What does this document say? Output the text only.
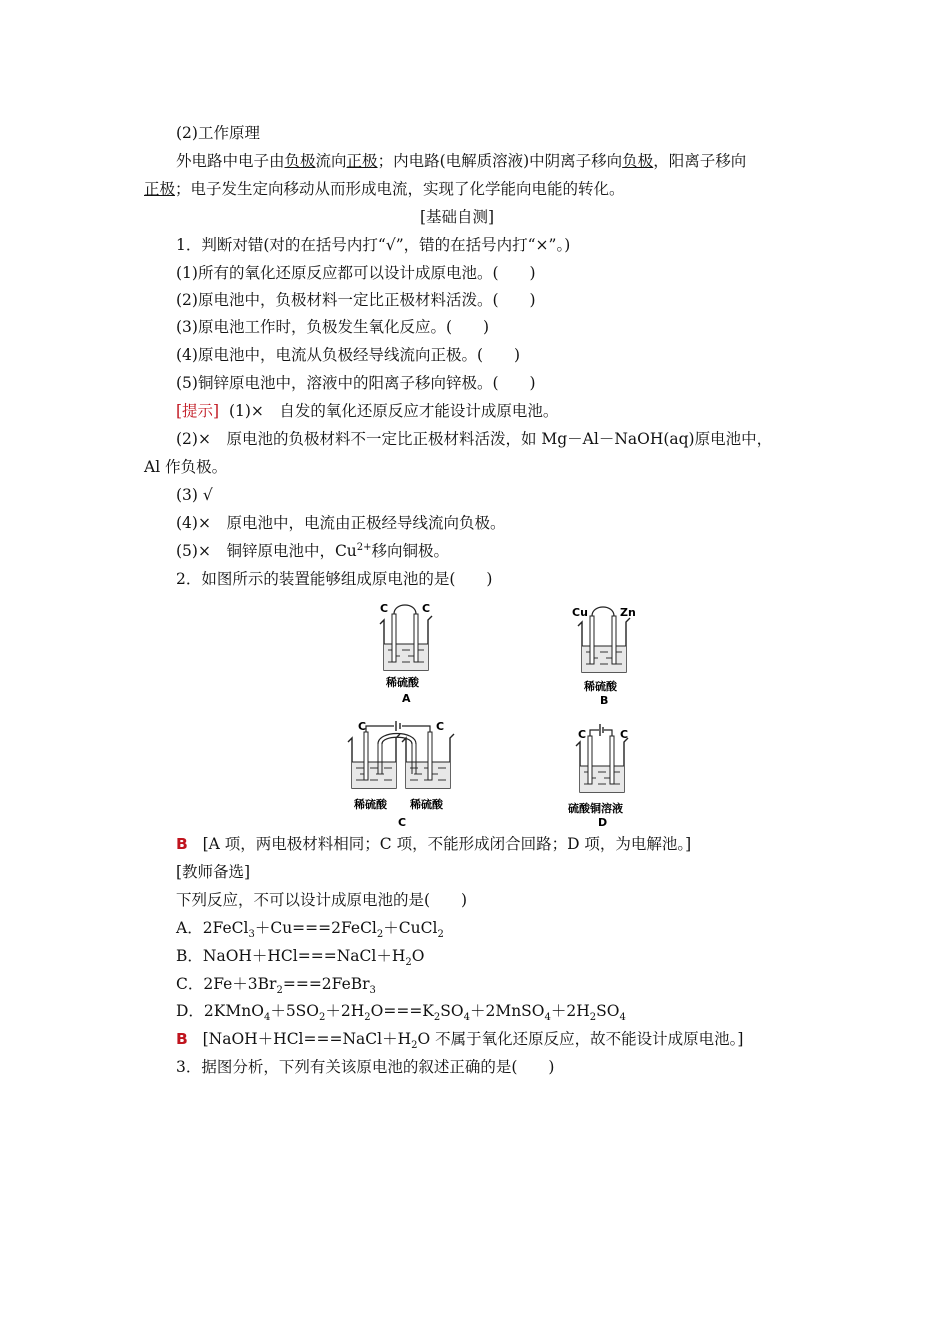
(2)工作原理
外电路中电子由负极流向正极；内电路(电解质溶液)中阴离子移向负极，阳离子移向
正极；电子发生定向移动从而形成电流，实现了化学能向电能的转化。
[基础自测]
1．判断对错(对的在括号内打“√”，错的在括号内打“×”。)
(1)所有的氧化还原反应都可以设计成原电池。(　　)
(2)原电池中，负极材料一定比正极材料活泼。(　　)
(3)原电池工作时，负极发生氧化反应。(　　)
(4)原电池中，电流从负极经导线流向正极。(　　)
(5)铜锌原电池中，溶液中的阳离子移向锌极。(　　)
[提示] (1)×　自发的氧化还原反应才能设计成原电池。
(2)×　原电池的负极材料不一定比正极材料活泼，如 Mg－Al－NaOH(aq)原电池中，
Al 作负极。
(3) √
(4)×　原电池中，电流由正极经导线流向负极。
(5)×　铜锌原电池中，$Cu^{2+}$移向铜极。
2．如图所示的装置能够组成原电池的是(　　)
C	C
稀硫酸
A
Cu	Zn
稀硫酸
B
C	C
稀硫酸 稀硫酸
C
C	C
硫酸铜溶液
D
B [A 项，两电极材料相同；C 项，不能形成闭合回路；D 项，为电解池。]
[教师备选]
下列反应，不可以设计成原电池的是(　　)
A．2FeCl$_3$＋Cu===2FeCl$_2$＋CuCl$_2$
B．$NaOH+HCl===NaCl+H_2O$
C．$2Fe+3Br_2===2FeBr_3$
D．$2KMnO_4+5SO_2+2H_2O===K_2SO_4+2MnSO_4+2H_2SO_4$
B [$NaOH+HCl===NaCl+H_2O$ 不属于氧化还原反应，故不能设计成原电池。]
3．据图分析，下列有关该原电池的叙述正确的是(　　)
